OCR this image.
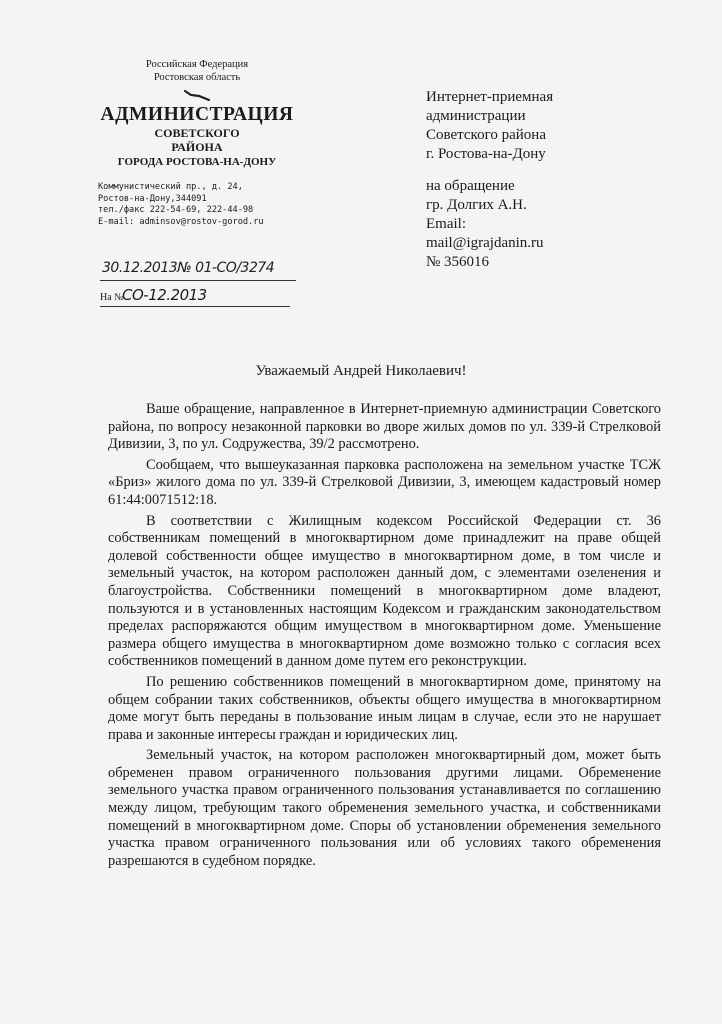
Российская Федерация
Ростовская область
АДМИНИСТРАЦИЯ
СОВЕТСКОГО
РАЙОНА
ГОРОДА РОСТОВА-НА-ДОНУ
Коммунистический пр., д. 24,
Ростов-на-Дону,344091
тел./факс 222-54-69, 222-44-98
E-mail: adminsov@rostov-gorod.ru
30.12.2013№ 01-СО/3274
На №
СО-12.2013
Интернет-приемная
администрации
Советского района
г. Ростова-на-Дону
на обращение
гр. Долгих А.Н.
Email:
mail@igrajdanin.ru
№ 356016
Уважаемый Андрей Николаевич!

Ваше обращение, направленное в Интернет-приемную администрации Советского района, по вопросу незаконной парковки во дворе жилых домов по ул. 339-й Стрелковой Дивизии, 3, по ул. Содружества, 39/2 рассмотрено.

Сообщаем, что вышеуказанная парковка расположена на земельном участке ТСЖ «Бриз» жилого дома по ул. 339-й Стрелковой Дивизии, 3, имеющем кадастровый номер 61:44:0071512:18.

В соответствии с Жилищным кодексом Российской Федерации ст. 36 собственникам помещений в многоквартирном доме принадлежит на праве общей долевой собственности общее имущество в многоквартирном доме, в том числе и земельный участок, на котором расположен данный дом, с элементами озеленения и благоустройства. Собственники помещений в многоквартирном доме владеют, пользуются и в установленных настоящим Кодексом и гражданским законодательством пределах распоряжаются общим имуществом в многоквартирном доме. Уменьшение размера общего имущества в многоквартирном доме возможно только с согласия всех собственников помещений в данном доме путем его реконструкции.

По решению собственников помещений в многоквартирном доме, принятому на общем собрании таких собственников, объекты общего имущества в многоквартирном доме могут быть переданы в пользование иным лицам в случае, если это не нарушает права и законные интересы граждан и юридических лиц.

Земельный участок, на котором расположен многоквартирный дом, может быть обременен правом ограниченного пользования другими лицами. Обременение земельного участка правом ограниченного пользования устанавливается по соглашению между лицом, требующим такого обременения земельного участка, и собственниками помещений в многоквартирном доме. Споры об установлении обременения земельного участка правом ограниченного пользования или об условиях такого обременения разрешаются в судебном порядке.
